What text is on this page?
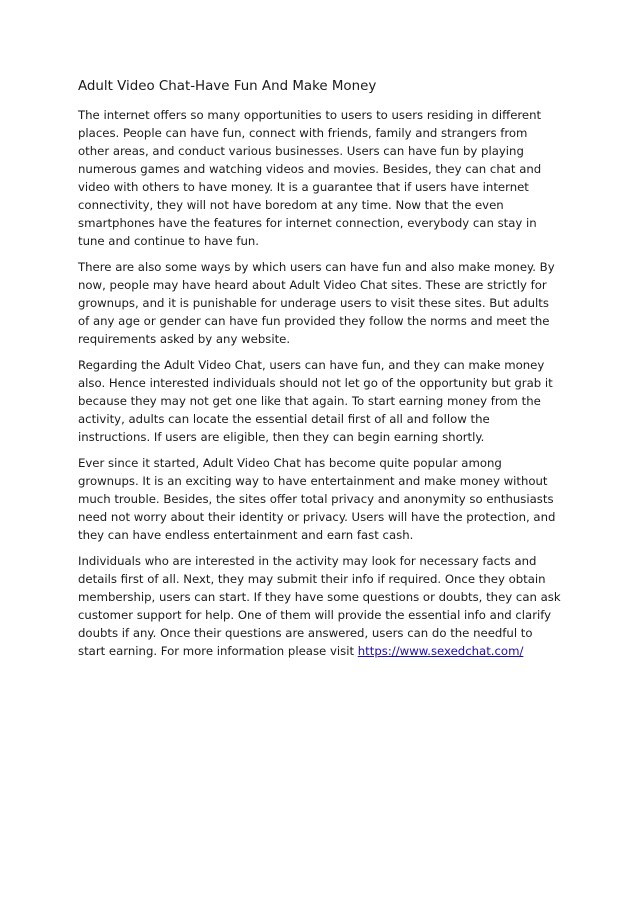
Adult Video Chat-Have Fun And Make Money

The internet offers so many opportunities to users to users residing in different places. People can have fun, connect with friends, family and strangers from other areas, and conduct various businesses. Users can have fun by playing numerous games and watching videos and movies. Besides, they can chat and video with others to have money. It is a guarantee that if users have internet connectivity, they will not have boredom at any time. Now that the even smartphones have the features for internet connection, everybody can stay in tune and continue to have fun.

There are also some ways by which users can have fun and also make money. By now, people may have heard about Adult Video Chat sites. These are strictly for grownups, and it is punishable for underage users to visit these sites. But adults of any age or gender can have fun provided they follow the norms and meet the requirements asked by any website.

Regarding the Adult Video Chat, users can have fun, and they can make money also. Hence interested individuals should not let go of the opportunity but grab it because they may not get one like that again. To start earning money from the activity, adults can locate the essential detail first of all and follow the instructions. If users are eligible, then they can begin earning shortly.

Ever since it started, Adult Video Chat has become quite popular among grownups. It is an exciting way to have entertainment and make money without much trouble. Besides, the sites offer total privacy and anonymity so enthusiasts need not worry about their identity or privacy. Users will have the protection, and they can have endless entertainment and earn fast cash.

Individuals who are interested in the activity may look for necessary facts and details first of all. Next, they may submit their info if required. Once they obtain membership, users can start. If they have some questions or doubts, they can ask customer support for help. One of them will provide the essential info and clarify doubts if any. Once their questions are answered, users can do the needful to start earning. For more information please visit https://www.sexedchat.com/
